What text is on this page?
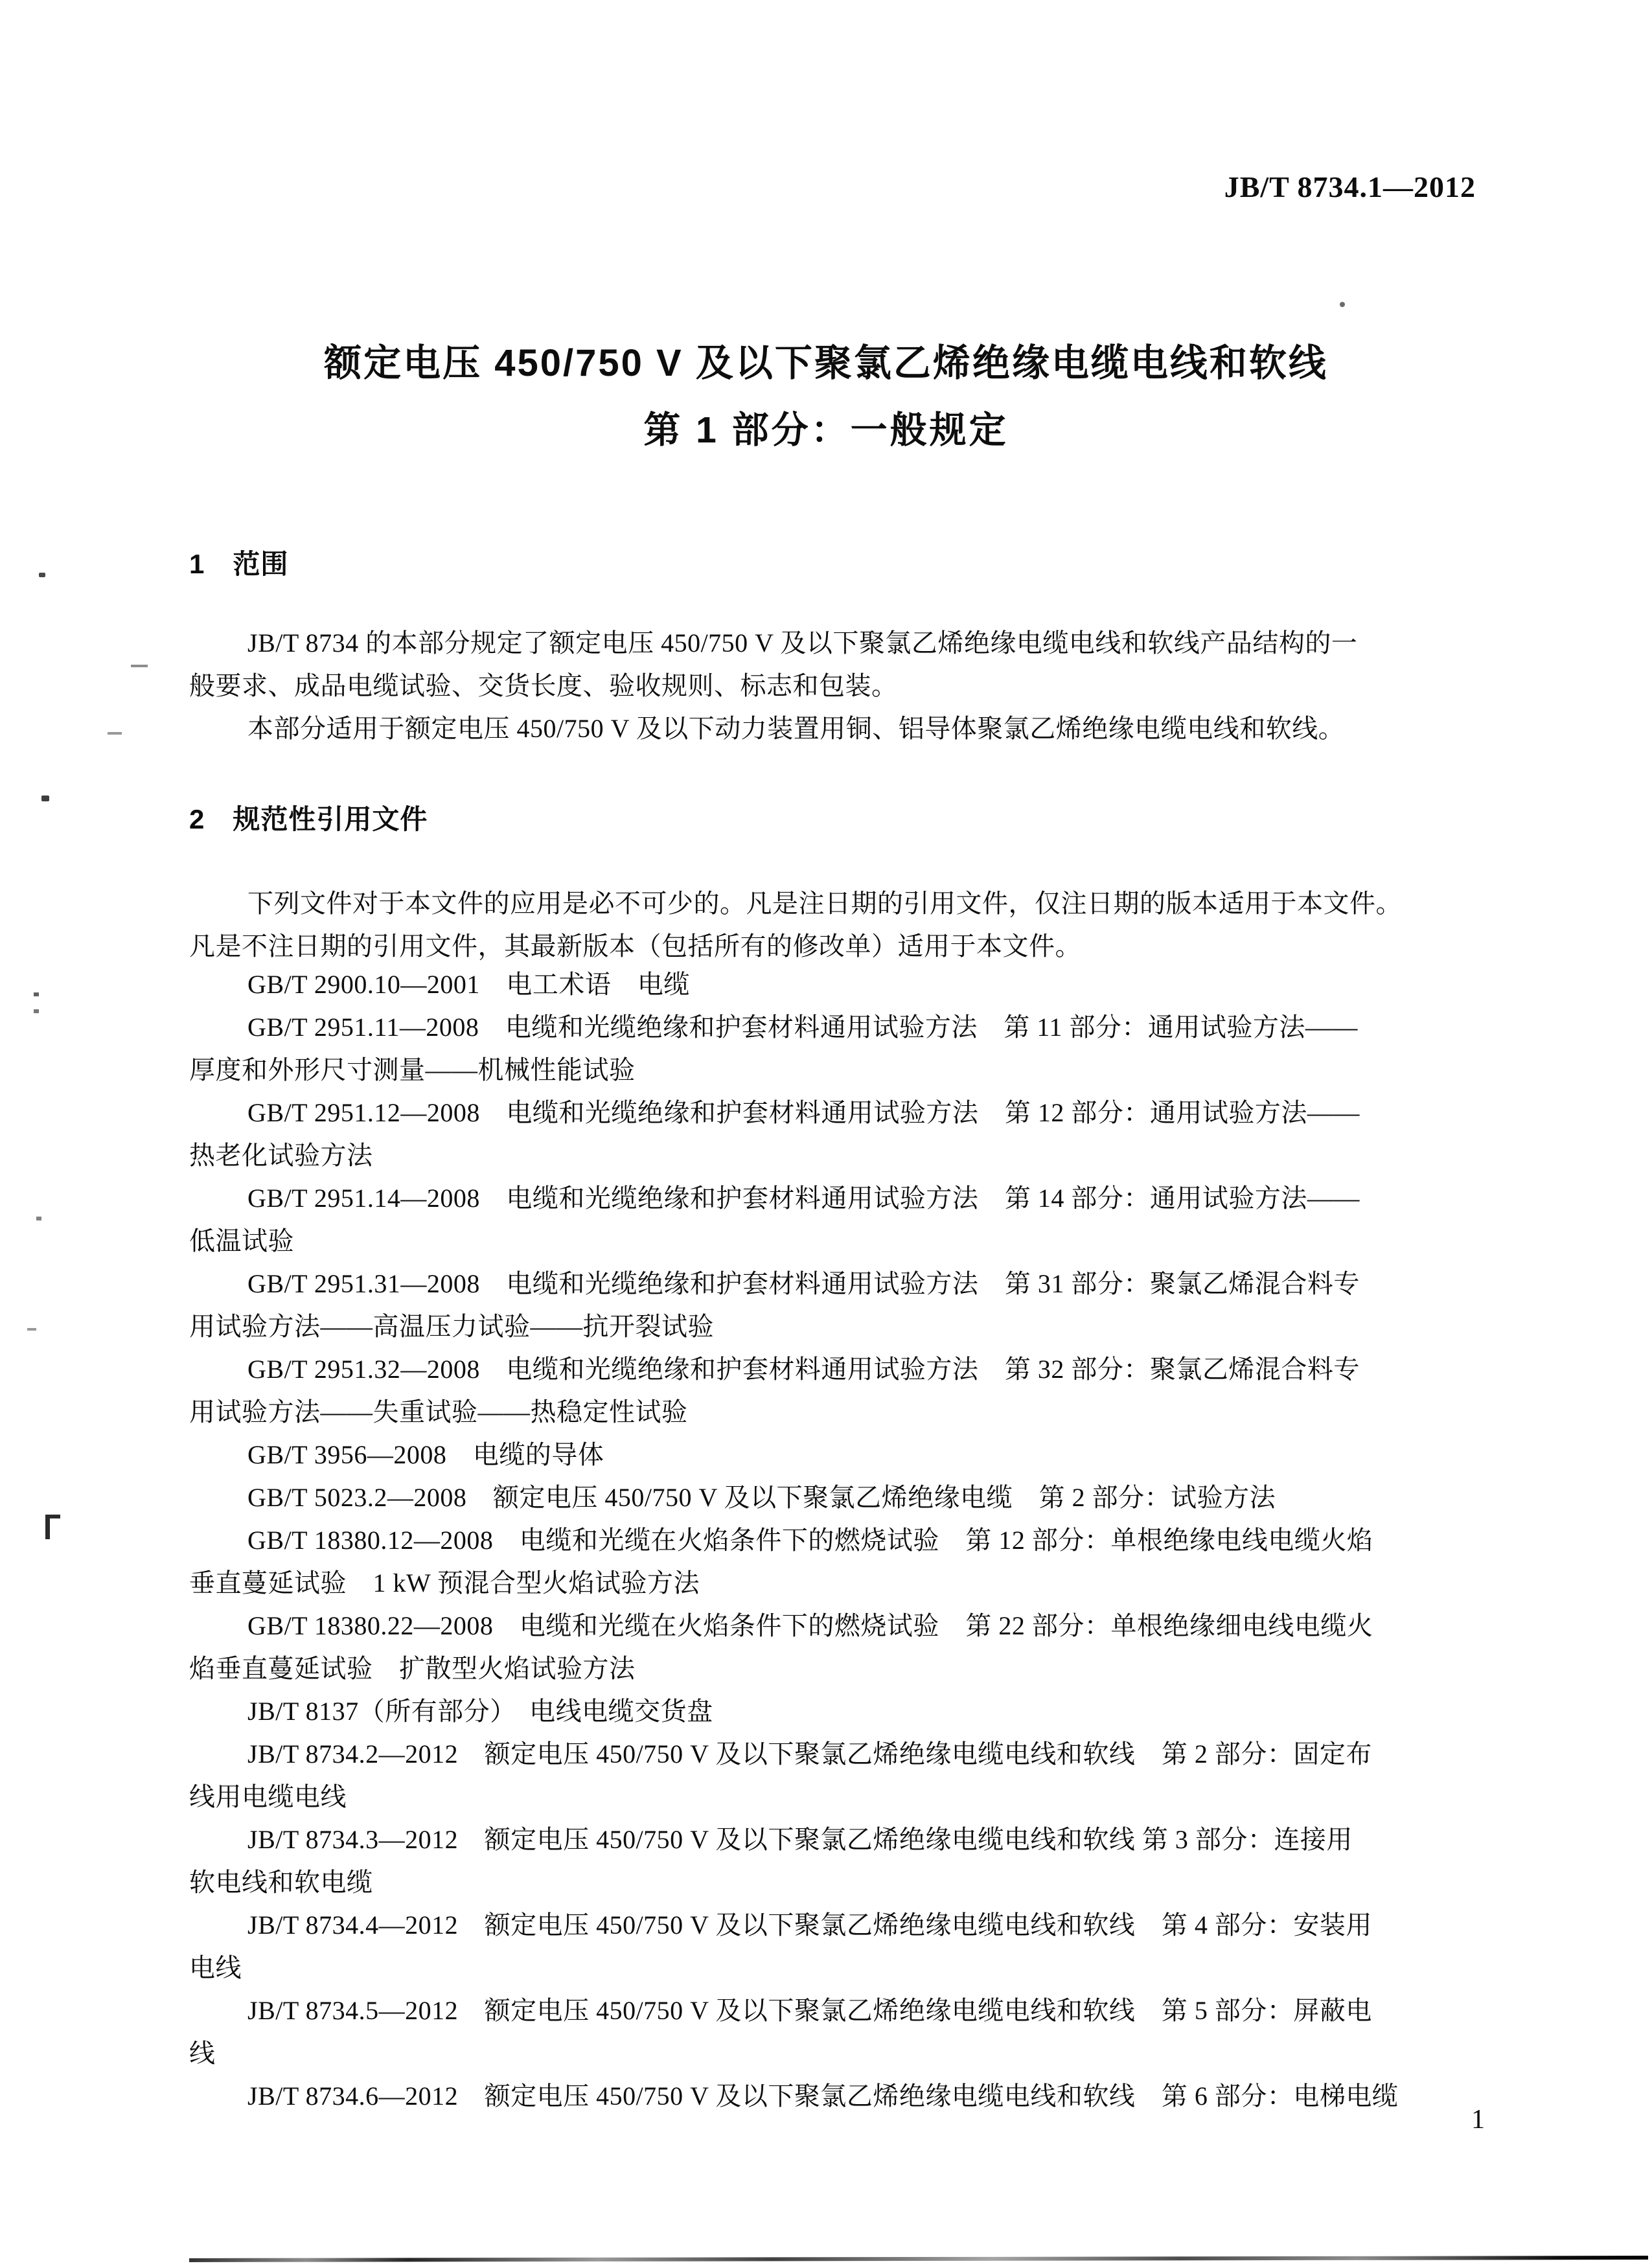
JB/T 8734.1—2012
额定电压 450/750 V 及以下聚氯乙烯绝缘电缆电线和软线
第 1 部分：一般规定
1　范围
JB/T 8734 的本部分规定了额定电压 450/750 V 及以下聚氯乙烯绝缘电缆电线和软线产品结构的一
般要求、成品电缆试验、交货长度、验收规则、标志和包装。
本部分适用于额定电压 450/750 V 及以下动力装置用铜、铝导体聚氯乙烯绝缘电缆电线和软线。
2　规范性引用文件
下列文件对于本文件的应用是必不可少的。凡是注日期的引用文件，仅注日期的版本适用于本文件。
凡是不注日期的引用文件，其最新版本（包括所有的修改单）适用于本文件。
GB/T 2900.10—2001　电工术语　电缆
GB/T 2951.11—2008　电缆和光缆绝缘和护套材料通用试验方法　第 11 部分：通用试验方法——
厚度和外形尺寸测量——机械性能试验
GB/T 2951.12—2008　电缆和光缆绝缘和护套材料通用试验方法　第 12 部分：通用试验方法——
热老化试验方法
GB/T 2951.14—2008　电缆和光缆绝缘和护套材料通用试验方法　第 14 部分：通用试验方法——
低温试验
GB/T 2951.31—2008　电缆和光缆绝缘和护套材料通用试验方法　第 31 部分：聚氯乙烯混合料专
用试验方法——高温压力试验——抗开裂试验
GB/T 2951.32—2008　电缆和光缆绝缘和护套材料通用试验方法　第 32 部分：聚氯乙烯混合料专
用试验方法——失重试验——热稳定性试验
GB/T 3956—2008　电缆的导体
GB/T 5023.2—2008　额定电压 450/750 V 及以下聚氯乙烯绝缘电缆　第 2 部分：试验方法
GB/T 18380.12—2008　电缆和光缆在火焰条件下的燃烧试验　第 12 部分：单根绝缘电线电缆火焰
垂直蔓延试验　1 kW 预混合型火焰试验方法
GB/T 18380.22—2008　电缆和光缆在火焰条件下的燃烧试验　第 22 部分：单根绝缘细电线电缆火
焰垂直蔓延试验　扩散型火焰试验方法
JB/T 8137（所有部分）　电线电缆交货盘
JB/T 8734.2—2012　额定电压 450/750 V 及以下聚氯乙烯绝缘电缆电线和软线　第 2 部分：固定布
线用电缆电线
JB/T 8734.3—2012　额定电压 450/750 V 及以下聚氯乙烯绝缘电缆电线和软线 第 3 部分：连接用
软电线和软电缆
JB/T 8734.4—2012　额定电压 450/750 V 及以下聚氯乙烯绝缘电缆电线和软线　第 4 部分：安装用
电线
JB/T 8734.5—2012　额定电压 450/750 V 及以下聚氯乙烯绝缘电缆电线和软线　第 5 部分：屏蔽电
线
JB/T 8734.6—2012　额定电压 450/750 V 及以下聚氯乙烯绝缘电缆电线和软线　第 6 部分：电梯电缆
1
